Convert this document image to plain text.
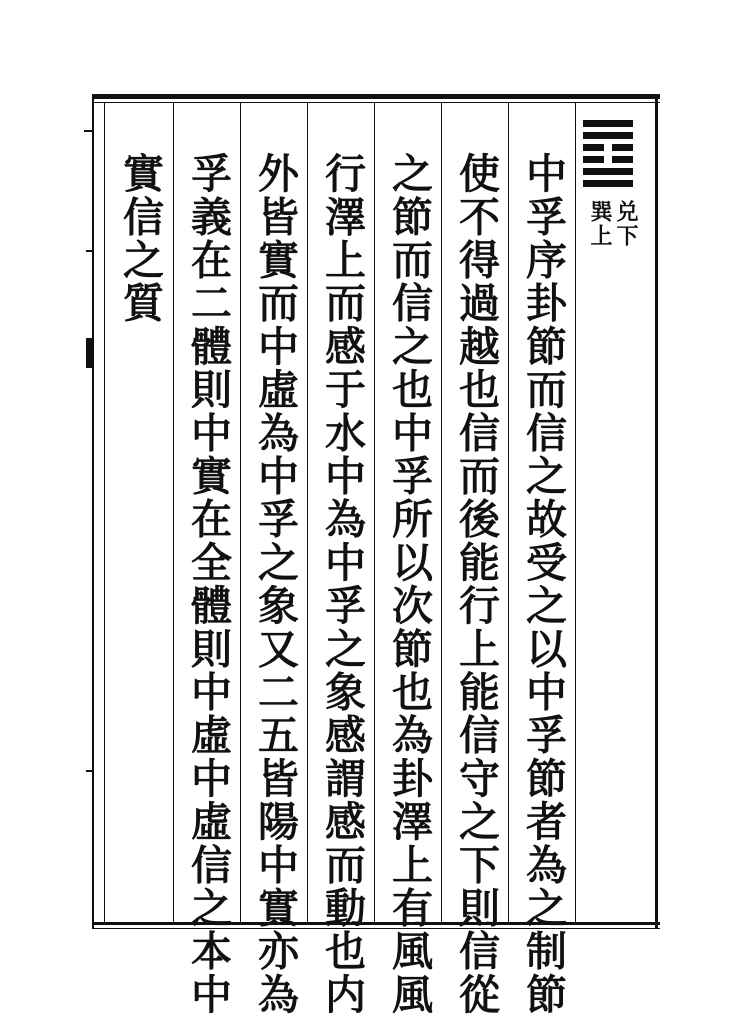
兑下
巽上
中孚序卦節而信之故受之以中孚節者為之制節
使不得過越也信而後能行上能信守之下則信從
之節而信之也中孚所以次節也為卦澤上有風風
行澤上而感于水中為中孚之象感謂感而動也内
外皆實而中虛為中孚之象又二五皆陽中實亦為
孚義在二體則中實在全體則中虛中虛信之本中
實信之質
